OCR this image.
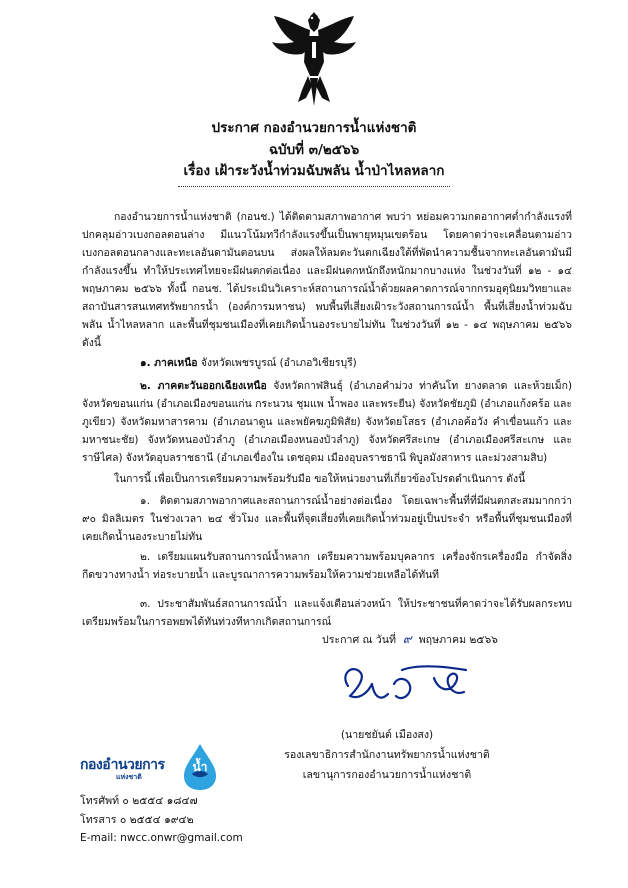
ประกาศ กองอำนวยการน้ำแห่งชาติ
ฉบับที่ ๓/๒๕๖๖
เรื่อง เฝ้าระวังน้ำท่วมฉับพลัน น้ำป่าไหลหลาก
กองอำนวยการน้ำแห่งชาติ (กอนช.) ได้ติดตามสภาพอากาศ พบว่า หย่อมความกดอากาศต่ำกำลังแรงที่ปกคลุมอ่าวเบงกอลตอนล่าง มีแนวโน้มทวีกำลังแรงขึ้นเป็นพายุหมุนเขตร้อน โดยคาดว่าจะเคลื่อนตามอ่าวเบงกอลตอนกลางและทะเลอันดามันตอนบน ส่งผลให้ลมตะวันตกเฉียงใต้ที่พัดนำความชื้นจากทะเลอันดามันมีกำลังแรงขึ้น ทำให้ประเทศไทยจะมีฝนตกต่อเนื่อง และมีฝนตกหนักถึงหนักมากบางแห่ง ในช่วงวันที่ ๑๒ - ๑๔ พฤษภาคม ๒๕๖๖ ทั้งนี้ กอนช. ได้ประเมินวิเคราะห์สถานการณ์น้ำด้วยผลคาดการณ์จากกรมอุตุนิยมวิทยาและสถาบันสารสนเทศทรัพยากรน้ำ (องค์การมหาชน) พบพื้นที่เสี่ยงเฝ้าระวังสถานการณ์น้ำ พื้นที่เสี่ยงน้ำท่วมฉับพลัน น้ำไหลหลาก และพื้นที่ชุมชนเมืองที่เคยเกิดน้ำนองระบายไม่ทัน ในช่วงวันที่ ๑๒ - ๑๔ พฤษภาคม ๒๕๖๖ ดังนี้
๑. ภาคเหนือ จังหวัดเพชรบูรณ์ (อำเภอวิเชียรบุรี)
๒. ภาคตะวันออกเฉียงเหนือ จังหวัดกาฬสินธุ์ (อำเภอคำม่วง ท่าคันโท ยางตลาด และห้วยเม็ก) จังหวัดขอนแก่น (อำเภอเมืองขอนแก่น กระนวน ชุมแพ น้ำพอง และพระยืน) จังหวัดชัยภูมิ (อำเภอแก้งคร้อ และภูเขียว) จังหวัดมหาสารคาม (อำเภอนาดูน และพยัคฆภูมิพิสัย) จังหวัดยโสธร (อำเภอค้อวัง คำเขื่อนแก้ว และมหาชนะชัย) จังหวัดหนองบัวลำภู (อำเภอเมืองหนองบัวลำภู) จังหวัดศรีสะเกษ (อำเภอเมืองศรีสะเกษ และราษีไศล) จังหวัดอุบลราชธานี (อำเภอเขื่องใน เดชอุดม เมืองอุบลราชธานี พิบูลมังสาหาร และม่วงสามสิบ)
ในการนี้ เพื่อเป็นการเตรียมความพร้อมรับมือ ขอให้หน่วยงานที่เกี่ยวข้องโปรดดำเนินการ ดังนี้
๑. ติดตามสภาพอากาศและสถานการณ์น้ำอย่างต่อเนื่อง โดยเฉพาะพื้นที่ที่มีฝนตกสะสมมากกว่า ๙๐ มิลลิเมตร ในช่วงเวลา ๒๔ ชั่วโมง และพื้นที่จุดเสี่ยงที่เคยเกิดน้ำท่วมอยู่เป็นประจำ หรือพื้นที่ชุมชนเมืองที่เคยเกิดน้ำนองระบายไม่ทัน
๒. เตรียมแผนรับสถานการณ์น้ำหลาก เตรียมความพร้อมบุคลากร เครื่องจักรเครื่องมือ กำจัดสิ่งกีดขวางทางน้ำ ท่อระบายน้ำ และบูรณาการความพร้อมให้ความช่วยเหลือได้ทันที
๓. ประชาสัมพันธ์สถานการณ์น้ำ และแจ้งเตือนล่วงหน้า ให้ประชาชนที่คาดว่าจะได้รับผลกระทบเตรียมพร้อมในการอพยพได้ทันท่วงทีหากเกิดสถานการณ์
ประกาศ ณ วันที่ ๙ พฤษภาคม ๒๕๖๖
(นายชยันต์ เมืองสง)
รองเลขาธิการสำนักงานทรัพยากรน้ำแห่งชาติ
เลขานุการกองอำนวยการน้ำแห่งชาติ
กองอำนวยการ
แห่งชาติ
น้ำ
โทรศัพท์ ๐ ๒๕๕๔ ๑๘๔๗
โทรสาร ๐ ๒๕๕๔ ๑๙๔๒
E-mail: nwcc.onwr@gmail.com
